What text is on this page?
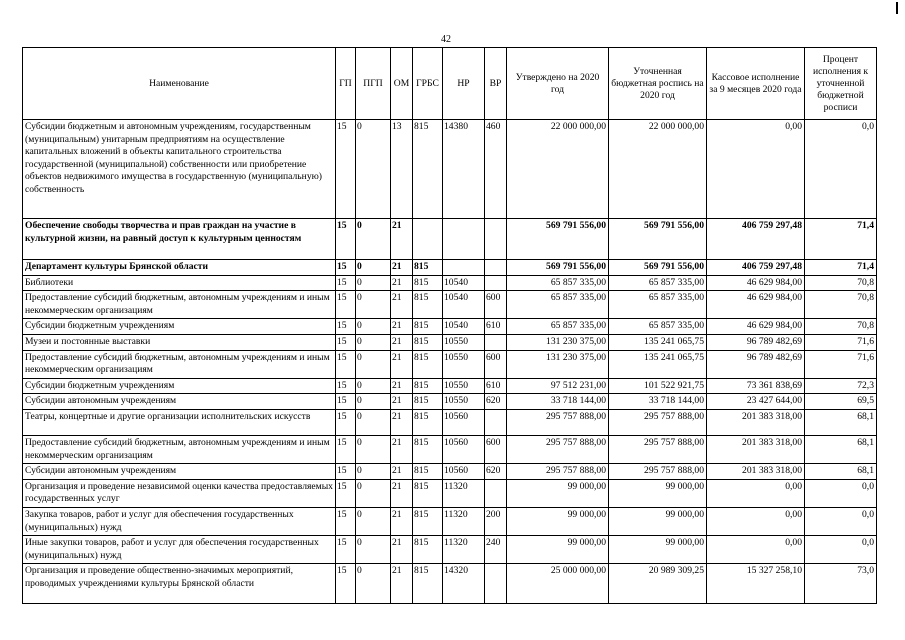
42
Наименование	ГП	ПГП	ОМ	ГРБС	НР	ВР	Утверждено на 2020 год	Уточненная бюджетная роспись на 2020 год	Кассовое исполнение за 9 месяцев 2020 года	Процент исполнения к уточненной бюджетной росписи
Субсидии бюджетным и автономным учреждениям, государственным (муниципальным) унитарным предприятиям на осуществление капитальных вложений в объекты капитального строительства государственной (муниципальной) собственности или приобретение объектов недвижимого имущества в государственную (муниципальную) собственность	15	0	13	815	14380	460	22 000 000,00	22 000 000,00	0,00	0,0
Обеспечение свободы творчества и прав граждан на участие в культурной жизни, на равный доступ к культурным ценностям	15	0	21				569 791 556,00	569 791 556,00	406 759 297,48	71,4
Департамент культуры Брянской области	15	0	21	815			569 791 556,00	569 791 556,00	406 759 297,48	71,4
Библиотеки	15	0	21	815	10540		65 857 335,00	65 857 335,00	46 629 984,00	70,8
Предоставление субсидий бюджетным, автономным учреждениям и иным некоммерческим организациям	15	0	21	815	10540	600	65 857 335,00	65 857 335,00	46 629 984,00	70,8
Субсидии бюджетным учреждениям	15	0	21	815	10540	610	65 857 335,00	65 857 335,00	46 629 984,00	70,8
Музеи и постоянные выставки	15	0	21	815	10550		131 230 375,00	135 241 065,75	96 789 482,69	71,6
Предоставление субсидий бюджетным, автономным учреждениям и иным некоммерческим организациям	15	0	21	815	10550	600	131 230 375,00	135 241 065,75	96 789 482,69	71,6
Субсидии бюджетным учреждениям	15	0	21	815	10550	610	97 512 231,00	101 522 921,75	73 361 838,69	72,3
Субсидии автономным учреждениям	15	0	21	815	10550	620	33 718 144,00	33 718 144,00	23 427 644,00	69,5
Театры, концертные и другие организации исполнительских искусств	15	0	21	815	10560		295 757 888,00	295 757 888,00	201 383 318,00	68,1
Предоставление субсидий бюджетным, автономным учреждениям и иным некоммерческим организациям	15	0	21	815	10560	600	295 757 888,00	295 757 888,00	201 383 318,00	68,1
Субсидии автономным учреждениям	15	0	21	815	10560	620	295 757 888,00	295 757 888,00	201 383 318,00	68,1
Организация и проведение независимой оценки качества предоставляемых государственных услуг	15	0	21	815	11320		99 000,00	99 000,00	0,00	0,0
Закупка товаров, работ и услуг для обеспечения государственных (муниципальных) нужд	15	0	21	815	11320	200	99 000,00	99 000,00	0,00	0,0
Иные закупки товаров, работ и услуг для обеспечения государственных (муниципальных) нужд	15	0	21	815	11320	240	99 000,00	99 000,00	0,00	0,0
Организация и проведение общественно-значимых мероприятий, проводимых учреждениями культуры Брянской области	15	0	21	815	14320		25 000 000,00	20 989 309,25	15 327 258,10	73,0
